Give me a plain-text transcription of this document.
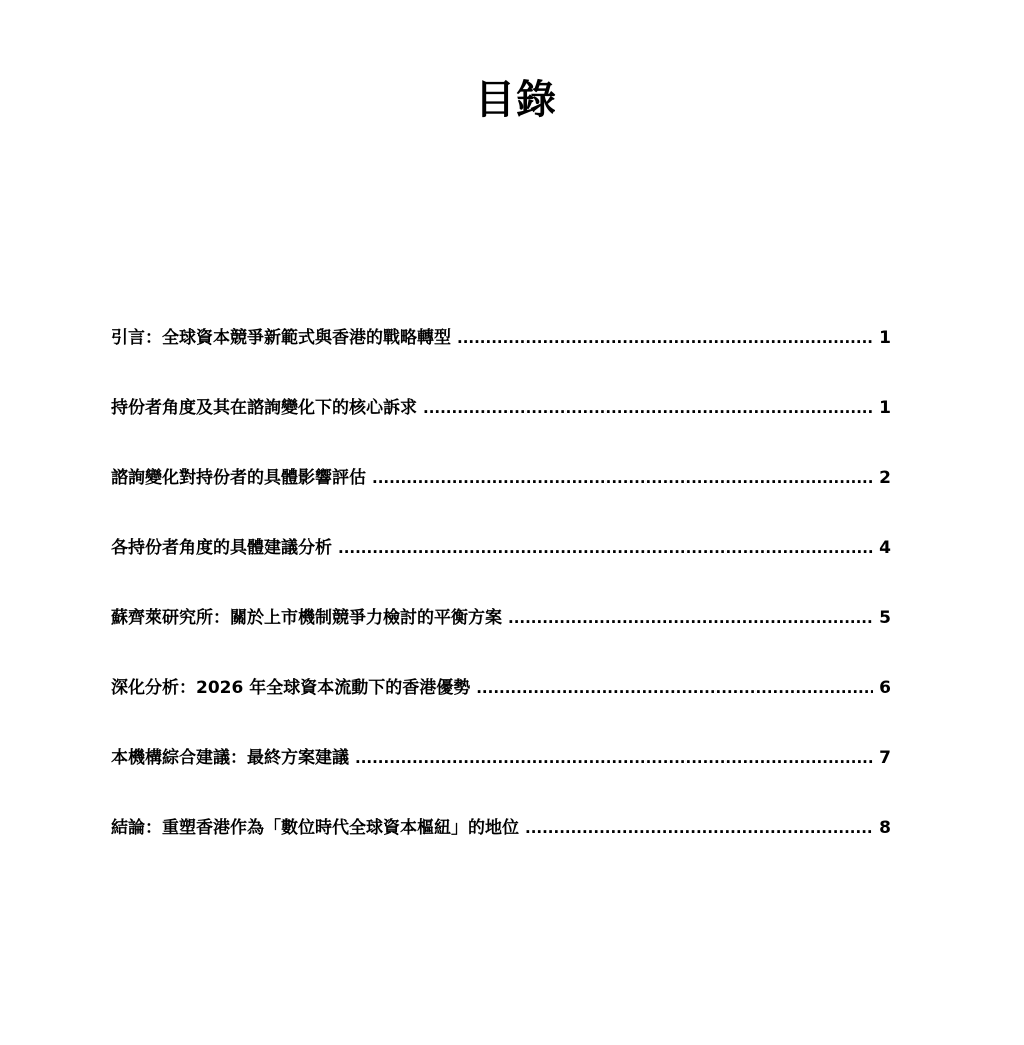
目錄
引言：全球資本競爭新範式與香港的戰略轉型 .....	1
持份者角度及其在諮詢變化下的核心訴求 .....	1
諮詢變化對持份者的具體影響評估 .....	2
各持份者角度的具體建議分析 .....	4
蘇齊萊研究所：關於上市機制競爭力檢討的平衡方案 .....	5
深化分析：2026 年全球資本流動下的香港優勢 .....	6
本機構綜合建議：最終方案建議 .....	7
結論：重塑香港作為「數位時代全球資本樞紐」的地位 .....	8
